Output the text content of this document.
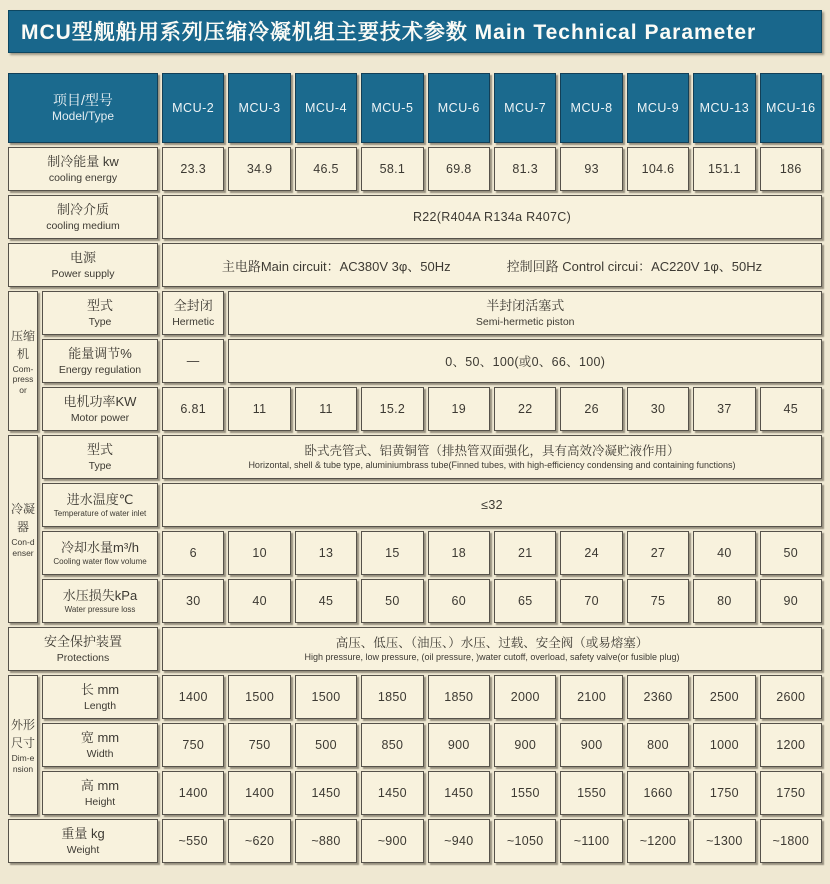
MCU型舰船用系列压缩冷凝机组主要技术参数 Main Technical Parameter
项目/型号
Model/Type
MCU-2 MCU-3 MCU-4 MCU-5 MCU-6 MCU-7 MCU-8 MCU-9 MCU-13 MCU-16
制冷能量 kw
cooling energy
23.3	34.9	46.5	58.1	69.8	81.3	93	104.6	151.1	186
制冷介质
cooling medium
R22(R404A R134a R407C)
电源
Power supply
主电路Main circuit：AC380V 3φ、50Hz	控制回路 Control circui：AC220V 1φ、50Hz
压缩机
Com-pressor
型式
Type
全封闭
Hermetic
半封闭活塞式
Semi-hermetic piston
能量调节%
Energy regulation
—	0、50、100(或0、66、100)
电机功率KW
Motor power
6.81	11	11	15.2	19	22	26	30	37	45
冷凝器
Con-denser
型式
Type
卧式壳管式、铝黄铜管（排热管双面强化，具有高效冷凝贮液作用）
Horizontal, shell & tube type, aluminiumbrass tube(Finned tubes, with high-efficiency condensing and containing functions)
进水温度℃
Temperature of water inlet
≤32
冷却水量m³/h
Cooling water flow volume
6	10	13	15	18	21	24	27	40	50
水压损失kPa
Water pressure loss
30	40	45	50	60	65	70	75	80	90
安全保护装置
Protections
高压、低压、（油压、）水压、过载、安全阀（或易熔塞）
High pressure, low pressure, (oil pressure, )water cutoff, overload, safety valve(or fusible plug)
外形尺寸
Dim-ension
长 mm
Length
1400	1500	1500	1850	1850	2000	2100	2360	2500	2600
宽 mm
Width
750	750	500	850	900	900	900	800	1000	1200
高 mm
Height
1400	1400	1450	1450	1450	1550	1550	1660	1750	1750
重量 kg
Weight
~550	~620	~880	~900	~940	~1050 ~1100 ~1200 ~1300 ~1800
